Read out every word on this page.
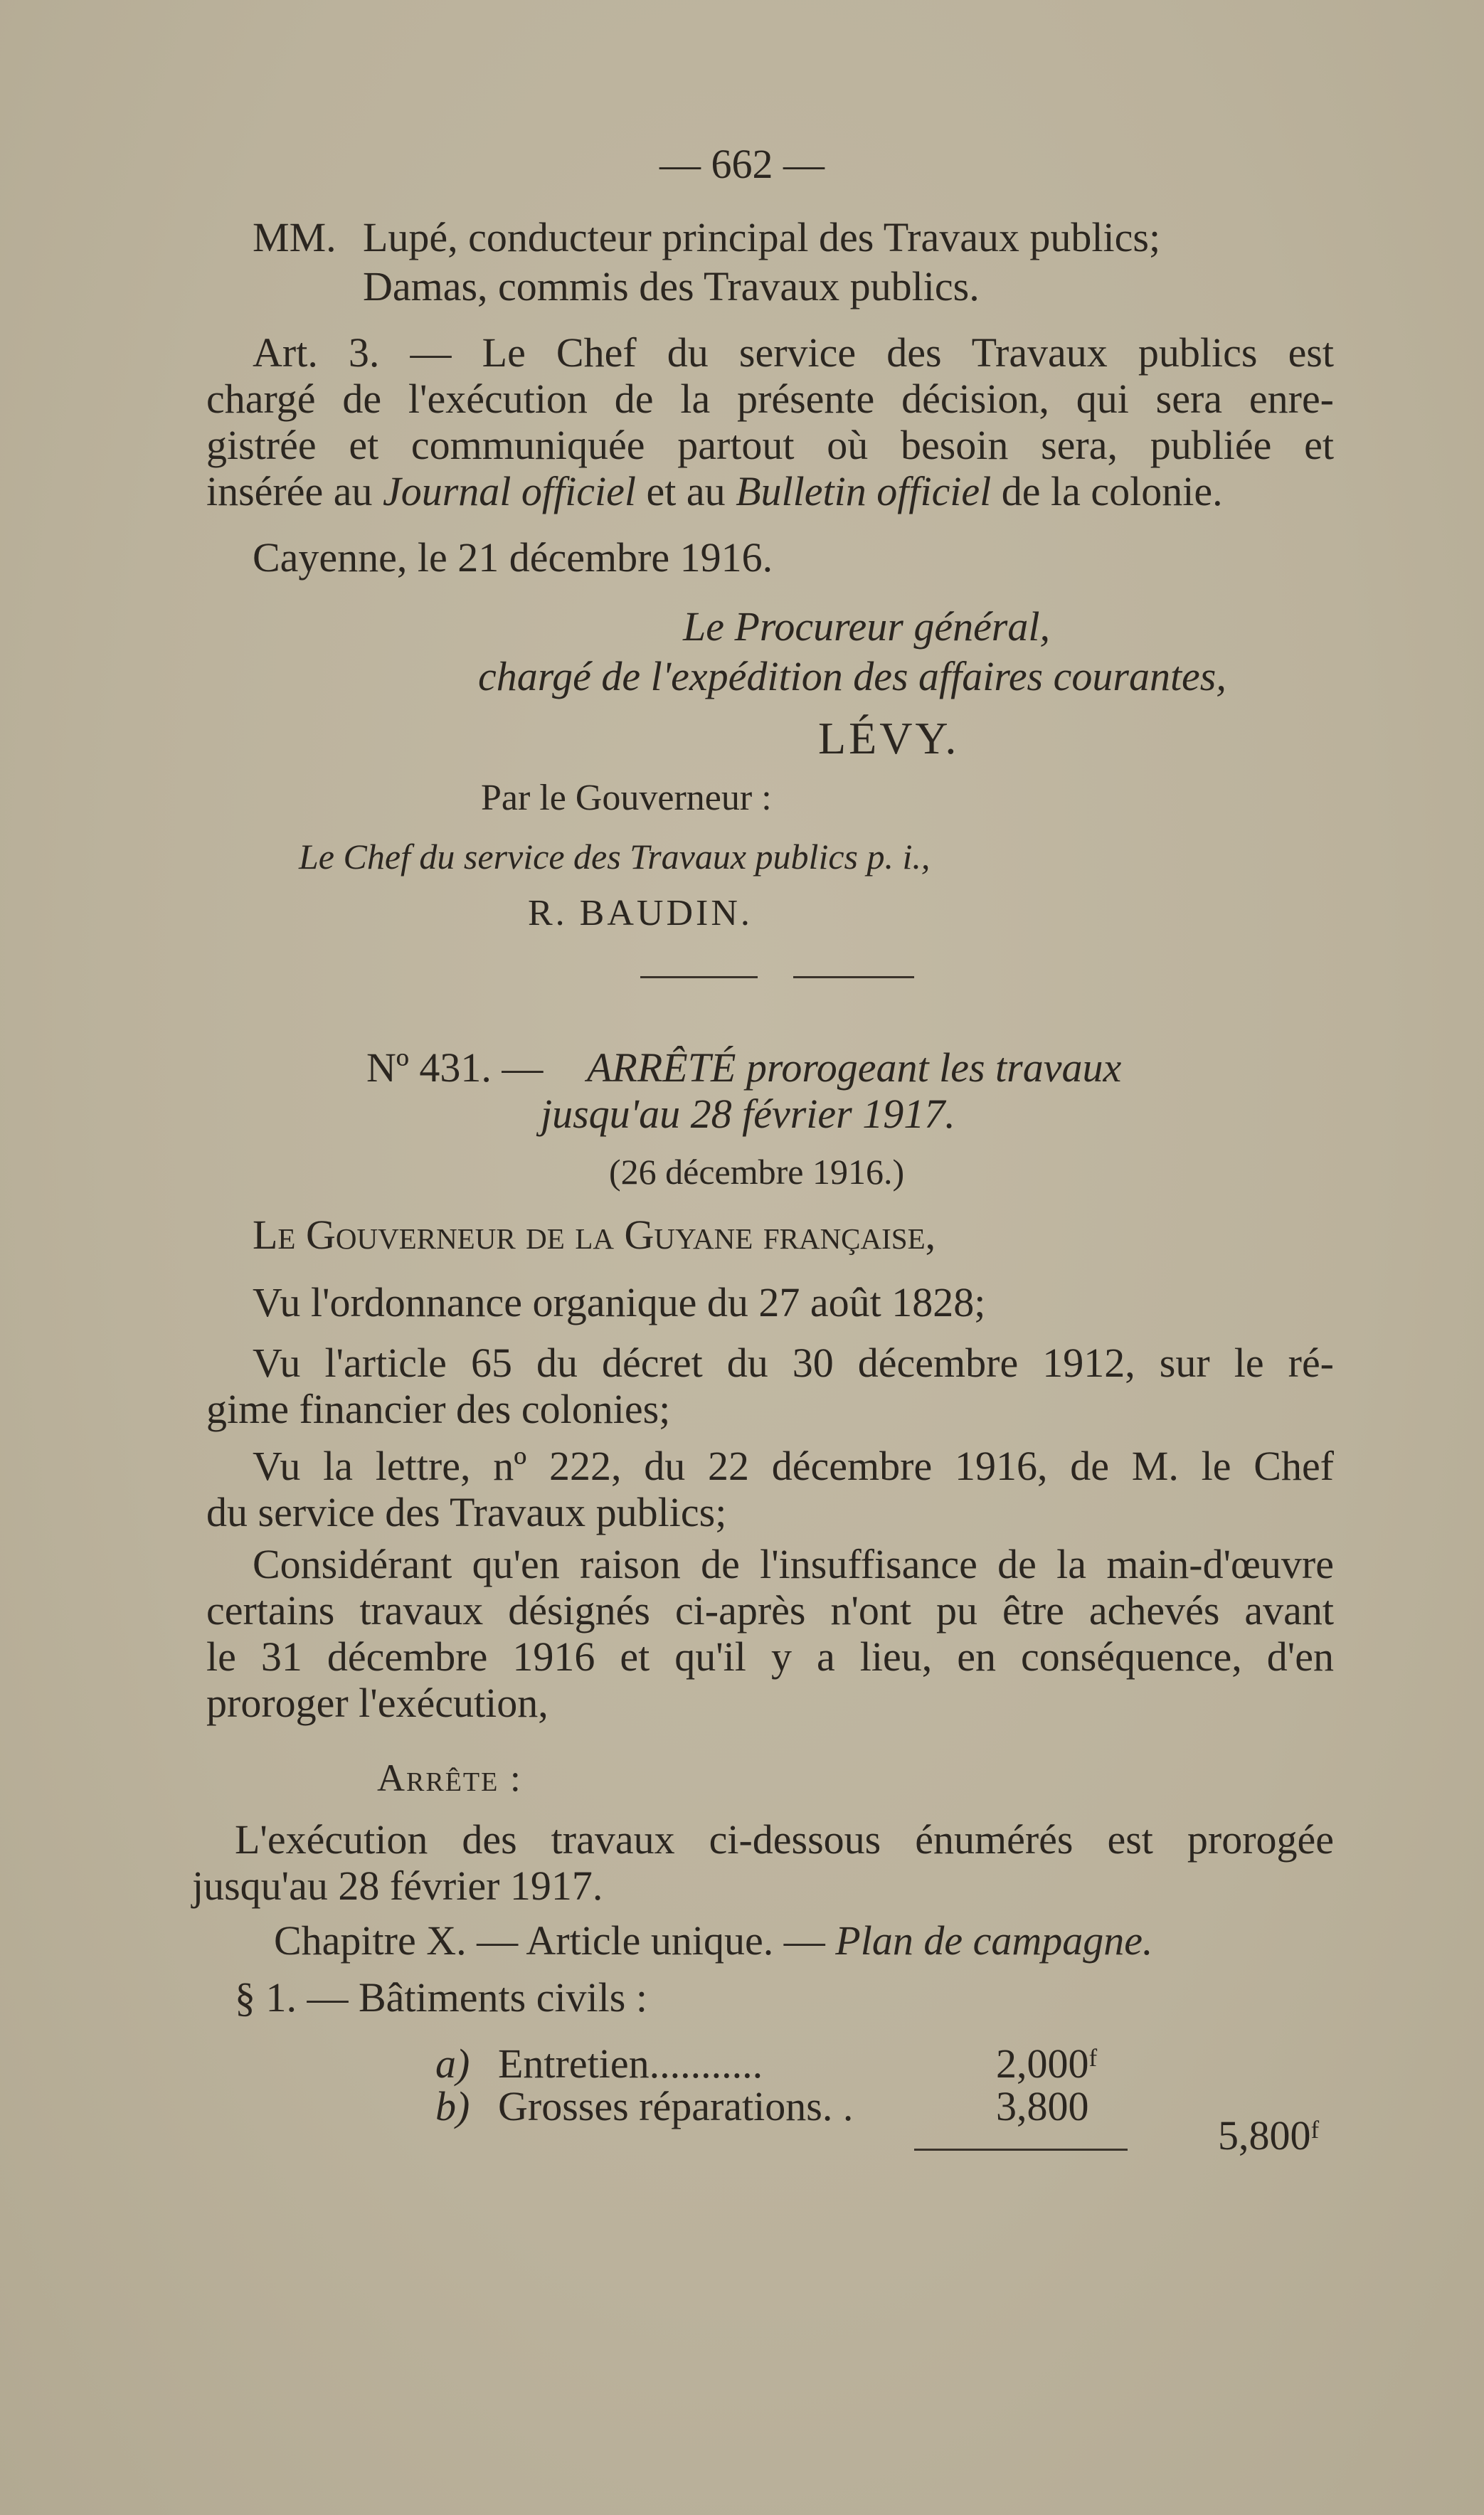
— 662 —
MM. Lupé, conducteur principal des Travaux publics;
Damas, commis des Travaux publics.
Art. 3. — Le Chef du service des Travaux publics est
chargé de l'exécution de la présente décision, qui sera enre-
gistrée et communiquée partout où besoin sera, publiée et
insérée au Journal officiel et au Bulletin officiel de la colonie.
Cayenne, le 21 décembre 1916.
Le Procureur général,
chargé de l'expédition des affaires courantes,
LÉVY.
Par le Gouverneur :
Le Chef du service des Travaux publics p. i.,
R. BAUDIN.
Nº 431. — ARRÊTÉ prorogeant les travaux
jusqu'au 28 février 1917.
(26 décembre 1916.)
Le Gouverneur de la Guyane française,
Vu l'ordonnance organique du 27 août 1828;
Vu l'article 65 du décret du 30 décembre 1912, sur le ré-
gime financier des colonies;
Vu la lettre, nº 222, du 22 décembre 1916, de M. le Chef
du service des Travaux publics;
Considérant qu'en raison de l'insuffisance de la main-d'œuvre
certains travaux désignés ci-après n'ont pu être achevés avant
le 31 décembre 1916 et qu'il y a lieu, en conséquence, d'en
proroger l'exécution,
Arrête :
L'exécution des travaux ci-dessous énumérés est prorogée
jusqu'au 28 février 1917.
Chapitre X. — Article unique. — Plan de campagne.
§ 1. — Bâtiments civils :
a) Entretien...........	2,000ᶠ
b) Grosses réparations. .	3,800
5,800ᶠ
